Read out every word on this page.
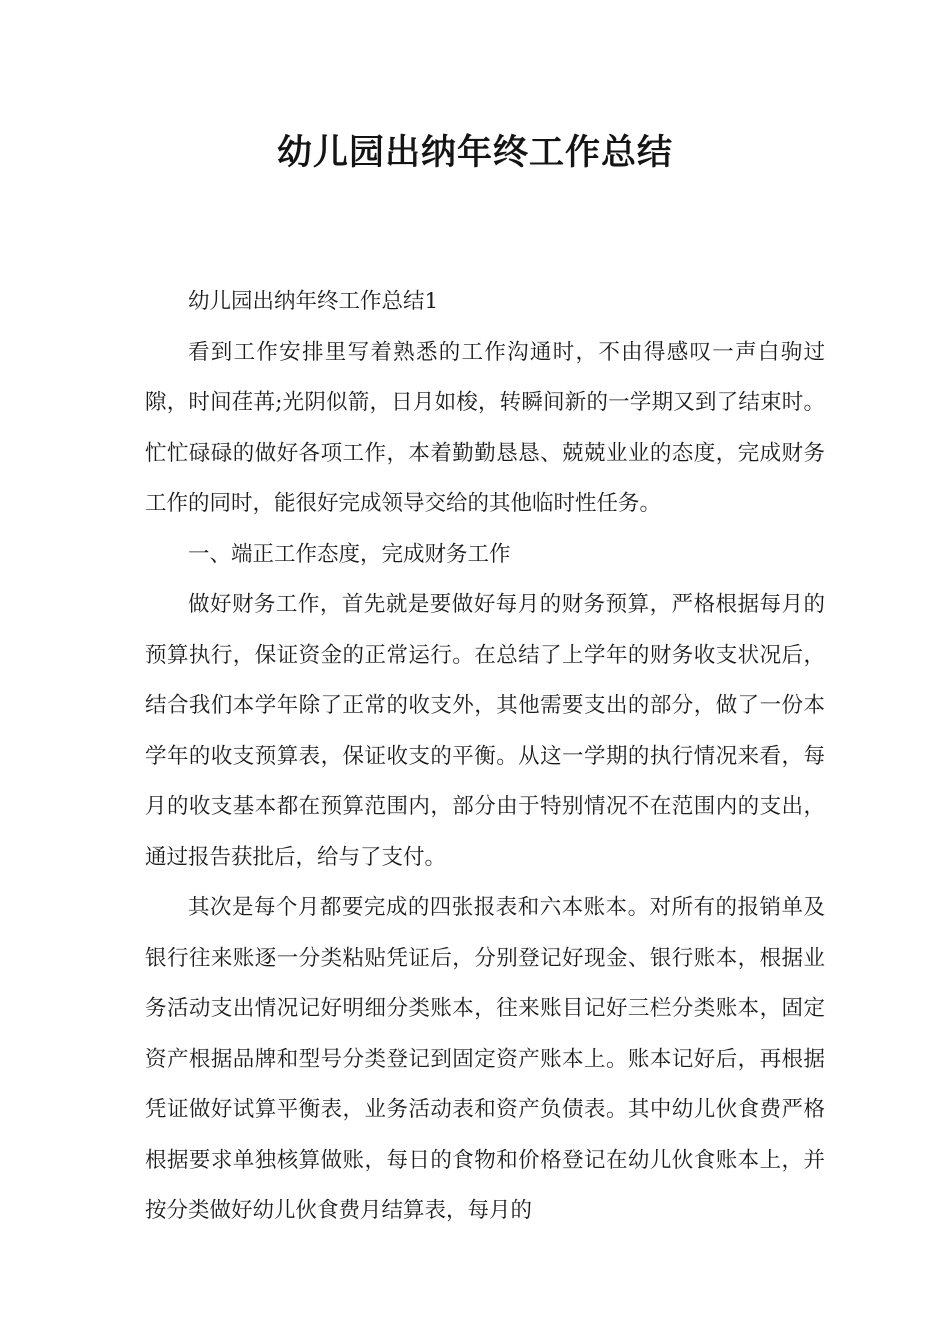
幼儿园出纳年终工作总结

幼儿园出纳年终工作总结1

看到工作安排里写着熟悉的工作沟通时，不由得感叹一声白驹过隙，时间荏苒;光阴似箭，日月如梭，转瞬间新的一学期又到了结束时。忙忙碌碌的做好各项工作，本着勤勤恳恳、兢兢业业的态度，完成财务工作的同时，能很好完成领导交给的其他临时性任务。

一、端正工作态度，完成财务工作

做好财务工作，首先就是要做好每月的财务预算，严格根据每月的预算执行，保证资金的正常运行。在总结了上学年的财务收支状况后，结合我们本学年除了正常的收支外，其他需要支出的部分，做了一份本学年的收支预算表，保证收支的平衡。从这一学期的执行情况来看，每月的收支基本都在预算范围内，部分由于特别情况不在范围内的支出，通过报告获批后，给与了支付。

其次是每个月都要完成的四张报表和六本账本。对所有的报销单及银行往来账逐一分类粘贴凭证后，分别登记好现金、银行账本，根据业务活动支出情况记好明细分类账本，往来账目记好三栏分类账本，固定资产根据品牌和型号分类登记到固定资产账本上。账本记好后，再根据凭证做好试算平衡表，业务活动表和资产负债表。其中幼儿伙食费严格根据要求单独核算做账，每日的食物和价格登记在幼儿伙食账本上，并按分类做好幼儿伙食费月结算表，每月的
